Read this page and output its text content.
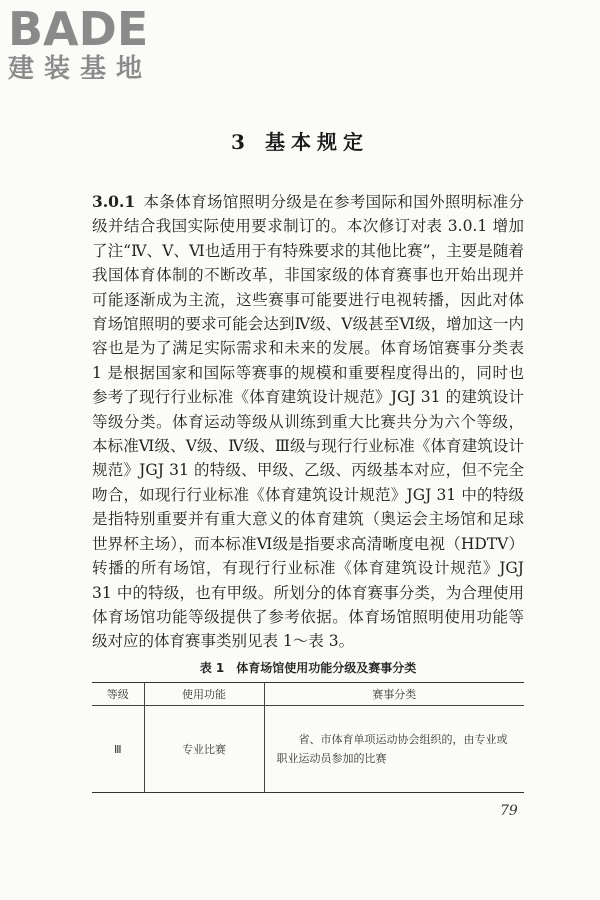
BADE
建装基地
3 基本规定
3.0.1 本条体育场馆照明分级是在参考国际和国外照明标准分级并结合我国实际使用要求制订的。本次修订对表 3.0.1 增加了注“Ⅳ、Ⅴ、Ⅵ也适用于有特殊要求的其他比赛”，主要是随着我国体育体制的不断改革，非国家级的体育赛事也开始出现并可能逐渐成为主流，这些赛事可能要进行电视转播，因此对体育场馆照明的要求可能会达到Ⅳ级、Ⅴ级甚至Ⅵ级，增加这一内容也是为了满足实际需求和未来的发展。体育场馆赛事分类表 1 是根据国家和国际等赛事的规模和重要程度得出的，同时也参考了现行行业标准《体育建筑设计规范》JGJ 31 的建筑设计等级分类。体育运动等级从训练到重大比赛共分为六个等级，本标准Ⅵ级、Ⅴ级、Ⅳ级、Ⅲ级与现行行业标准《体育建筑设计规范》JGJ 31 的特级、甲级、乙级、丙级基本对应，但不完全吻合，如现行行业标准《体育建筑设计规范》JGJ 31 中的特级是指特别重要并有重大意义的体育建筑（奥运会主场馆和足球世界杯主场），而本标准Ⅵ级是指要求高清晰度电视（HDTV）转播的所有场馆，有现行行业标准《体育建筑设计规范》JGJ 31 中的特级，也有甲级。所划分的体育赛事分类，为合理使用体育场馆功能等级提供了参考依据。体育场馆照明使用功能等级对应的体育赛事类别见表 1～表 3。
表 1　体育场馆使用功能分级及赛事分类
等级	使用功能	赛事分类
Ⅲ	专业比赛	省、市体育单项运动协会组织的，由专业或职业运动员参加的比赛
79
